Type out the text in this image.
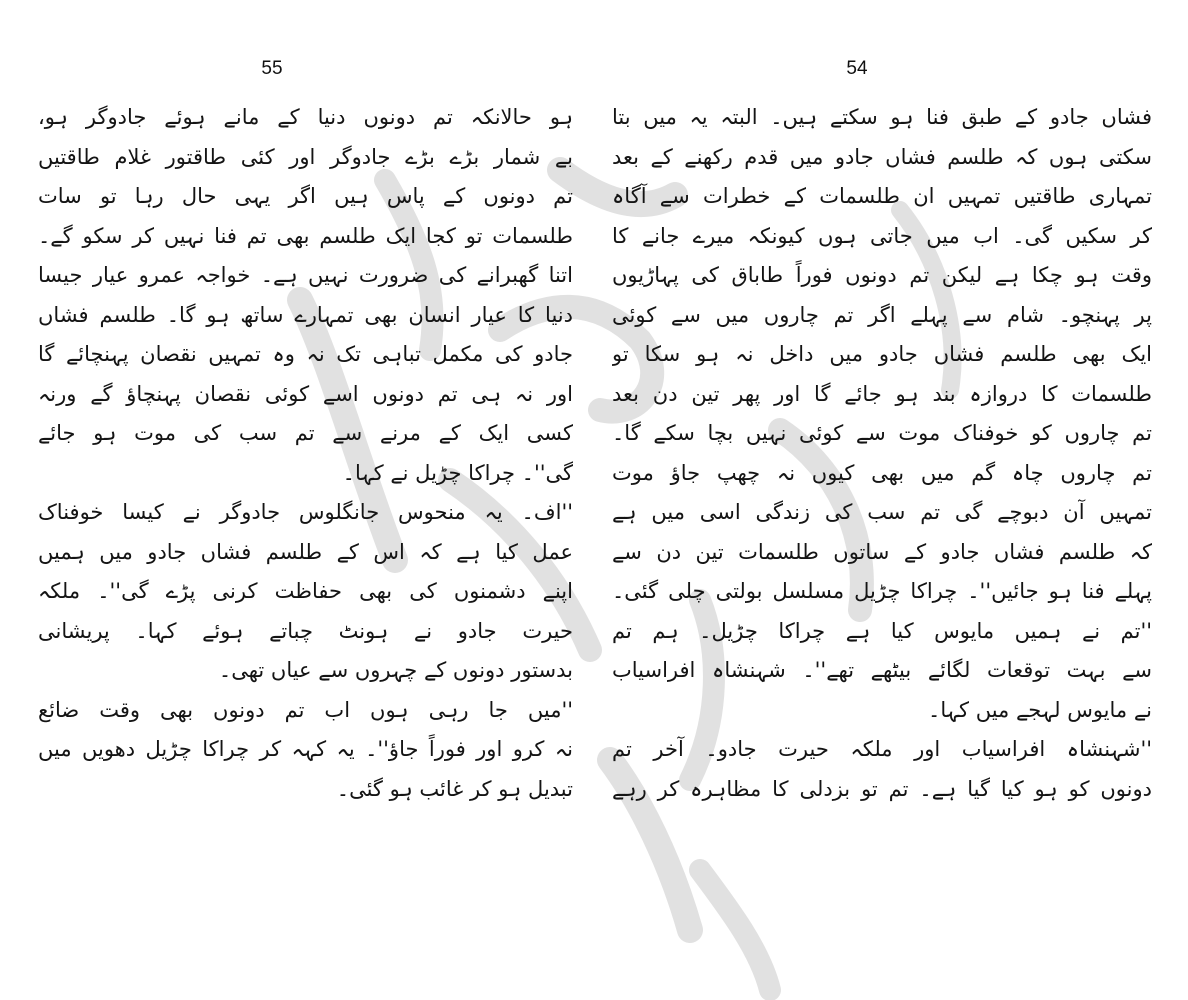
55	54
ہو حالانکہ تم دونوں دنیا کے مانے ہوئے جادوگر ہو،
بے شمار بڑے بڑے جادوگر اور کئی طاقتور غلام طاقتیں
تم دونوں کے پاس ہیں اگر یہی حال رہا تو سات
طلسمات تو کجا ایک طلسم بھی تم فنا نہیں کر سکو گے۔
اتنا گھبرانے کی ضرورت نہیں ہے۔ خواجہ عمرو عیار جیسا
دنیا کا عیار انسان بھی تمہارے ساتھ ہو گا۔ طلسم فشاں
جادو کی مکمل تباہی تک نہ وہ تمہیں نقصان پہنچائے گا
اور نہ ہی تم دونوں اسے کوئی نقصان پہنچاؤ گے ورنہ
کسی ایک کے مرنے سے تم سب کی موت ہو جائے
گی''۔ چراکا چڑیل نے کہا۔
''اف۔ یہ منحوس جانگلوس جادوگر نے کیسا خوفناک
عمل کیا ہے کہ اس کے طلسم فشاں جادو میں ہمیں
اپنے دشمنوں کی بھی حفاظت کرنی پڑے گی''۔ ملکہ
حیرت جادو نے ہونٹ چباتے ہوئے کہا۔ پریشانی
بدستور دونوں کے چہروں سے عیاں تھی۔
''میں جا رہی ہوں اب تم دونوں بھی وقت ضائع
نہ کرو اور فوراً جاؤ''۔ یہ کہہ کر چراکا چڑیل دھویں میں
تبدیل ہو کر غائب ہو گئی۔
فشاں جادو کے طبق فنا ہو سکتے ہیں۔ البتہ یہ میں بتا
سکتی ہوں کہ طلسم فشاں جادو میں قدم رکھنے کے بعد
تمہاری طاقتیں تمہیں ان طلسمات کے خطرات سے آگاہ
کر سکیں گی۔ اب میں جاتی ہوں کیونکہ میرے جانے کا
وقت ہو چکا ہے لیکن تم دونوں فوراً طاباق کی پہاڑیوں
پر پہنچو۔ شام سے پہلے اگر تم چاروں میں سے کوئی
ایک بھی طلسم فشاں جادو میں داخل نہ ہو سکا تو
طلسمات کا دروازہ بند ہو جائے گا اور پھر تین دن بعد
تم چاروں کو خوفناک موت سے کوئی نہیں بچا سکے گا۔
تم چاروں چاہ گم میں بھی کیوں نہ چھپ جاؤ موت
تمہیں آن دبوچے گی تم سب کی زندگی اسی میں ہے
کہ طلسم فشاں جادو کے ساتوں طلسمات تین دن سے
پہلے فنا ہو جائیں''۔ چراکا چڑیل مسلسل بولتی چلی گئی۔
''تم نے ہمیں مایوس کیا ہے چراکا چڑیل۔ ہم تم
سے بہت توقعات لگائے بیٹھے تھے''۔ شہنشاہ افراسیاب
نے مایوس لہجے میں کہا۔
''شہنشاہ افراسیاب اور ملکہ حیرت جادو۔ آخر تم
دونوں کو ہو کیا گیا ہے۔ تم تو بزدلی کا مظاہرہ کر رہے
